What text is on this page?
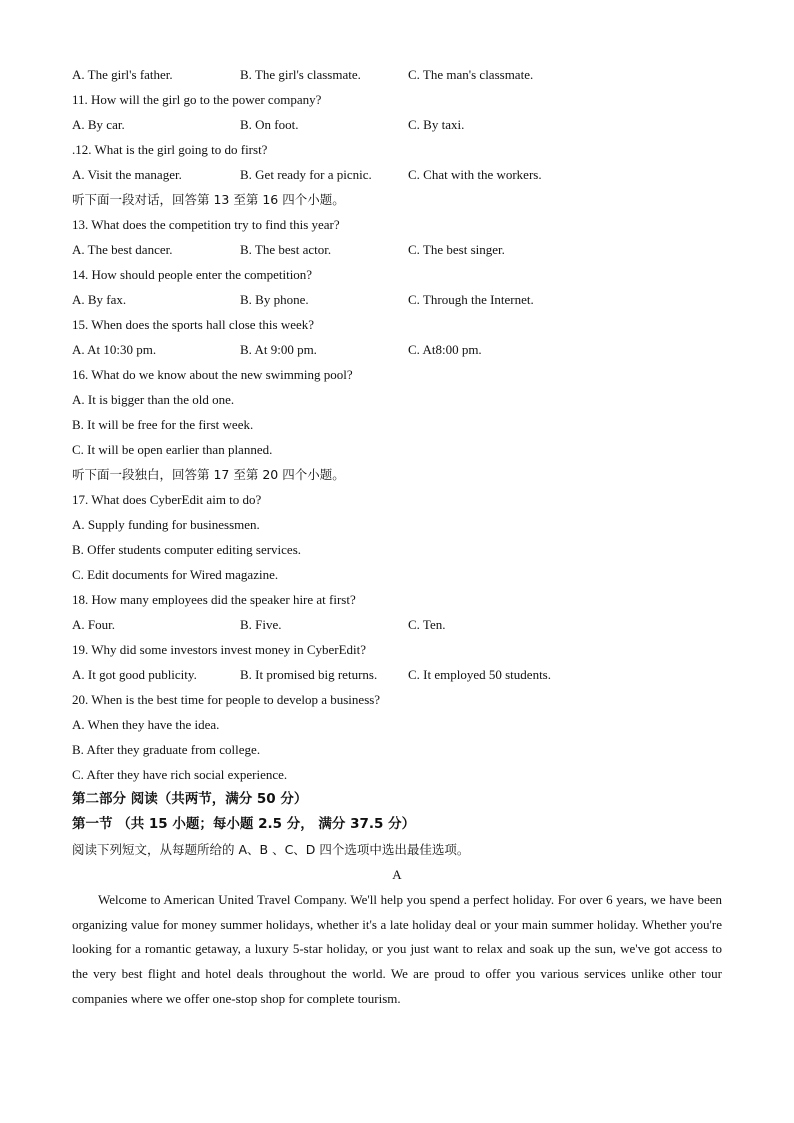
A. The girl's father.	B. The girl's classmate.	C. The man's classmate.
11. How will the girl go to the power company?
A. By car.	B. On foot.	C. By taxi.
.12. What is the girl going to do first?
A. Visit the manager.	B. Get ready for a picnic.	C. Chat with the workers.
听下面一段对话，回答第 13 至第 16 四个小题。
13. What does the competition try to find this year?
A. The best dancer.	B. The best actor.	C. The best singer.
14. How should people enter the competition?
A. By fax.	B. By phone.	C. Through the Internet.
15. When does the sports hall close this week?
A. At 10:30 pm.	B. At 9:00 pm.	C. At8:00 pm.
16. What do we know about the new swimming pool?
A. It is bigger than the old one.
B. It will be free for the first week.
C. It will be open earlier than planned.
听下面一段独白，回答第 17 至第 20 四个小题。
17. What does CyberEdit aim to do?
A. Supply funding for businessmen.
B. Offer students computer editing services.
C. Edit documents for Wired magazine.
18. How many employees did the speaker hire at first?
A. Four.	B. Five.	C. Ten.
19. Why did some investors invest money in CyberEdit?
A. It got good publicity.	B. It promised big returns.	C. It employed 50 students.
20. When is the best time for people to develop a business?
A. When they have the idea.
B. After they graduate from college.
C. After they have rich social experience.
第二部分 阅读（共两节，满分 50 分）
第一节 （共 15 小题；每小题 2.5 分， 满分 37.5 分）
阅读下列短文，从每题所给的 A、B 、C、D 四个选项中选出最佳选项。
A
Welcome to American United Travel Company. We'll help you spend a perfect holiday. For over 6 years, we have been organizing value for money summer holidays, whether it's a late holiday deal or your main summer holiday. Whether you're looking for a romantic getaway, a luxury 5-star holiday, or you just want to relax and soak up the sun, we've got access to the very best flight and hotel deals throughout the world. We are proud to offer you various services unlike other tour companies where we offer one-stop shop for complete tourism.
